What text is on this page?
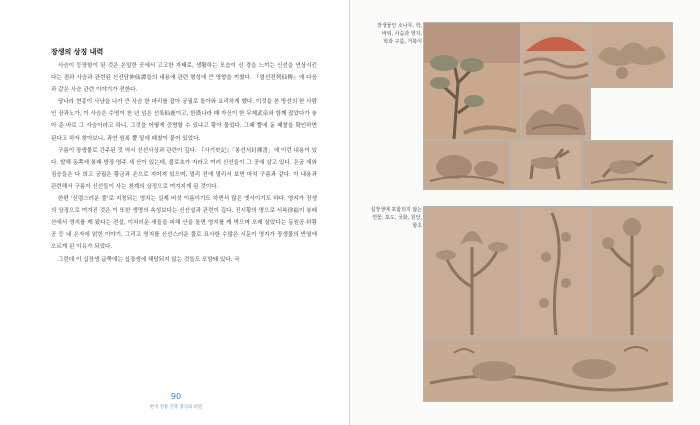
장생의 상징 내력

사슴이 등장함이 된 것은 은밀한 곳에서 고고한 자태로, 생활하는 모습이 신 경을 느끼는 신선을 연상시킨다는 점과 사슴과 관련된 신선담神仙譚들의 내용에 관련 형성에 큰 영향을 끼쳤다. 『열선전列仙傳』에 다음과 같은 사슴 관련 이야기가 전한다.

당나라 현종이 사냥을 나가 큰 사슴 한 마리를 잡아 궁궐로 돌아와 요리하게 했다. 이것을 본 방선의 한 사람인 장과노가, 이 사슴은 수명이 천 년 넘은 선록仙鹿이고, 한漢나라 때 자신이 한 무제武帝와 함께 잡았다가 놓아 준 바로 그 사슴이라고 하니, 그것을 어떻게 증명할 수 있냐고 황이 물었다. 그때 뿔에 동 패찰을 확인하면 된다고 하자 찾아보니, 과연 원록 뿔 밑에 패찰이 붙어 있었다.

구름이 장생물로 간주된 것 역시 신선사상과 관련이 깊다. 『사기史記』「봉선서封禪書」에 이런 내용이 있다. 발해 동쪽에 봉래·방장·영주 세 산이 있는데, 불로초가 자라고 여러 신선들이 그 곳에 살고 있다. 은궁 새와 짐승들은 다 희고 궁궐은 황금과 은으로 지어져 있으며, 멀리 전에 멀리서 보면 마치 구름과 같다. 이 내용과 관련해서 구름이 신선들이 사는 천계의 상징으로 여겨지게 된 것이다.

한편 '신령스러운 풀'로 지칭되는 영지는 실제 버섯 이름이기도 하면서 많은 엣사이기도 하다. 영지가 장생의 상징으로 여겨진 것은 이 또한 생명의 속성보다는 신선설과 관련이 깊다. 진시황의 명으로 서복徐福이 봉래산에서 영지를 캐 왔다는 전설, 이처러운 새들을 피해 산을 돌면 영지를 캐 먹으며 오래 살았다는 동원공·하황공 등 네 은자에 얽힌 이야기, 그리고 영지를 신선스러운 풀로 묘사한 수많은 시문이 영지가 장생물의 반열에 오르게 된 이유가 되었다.

그런데 이 십장생 글쭉에는 십장생에 해당되지 않는 것들도 포함돼 있다. 국

90
한국 전통 건축 장식의 비밀
장생물인 소나무, 학,
바위, 사슴과 영지,
학과 구름, 거북이
십장생에 포함되지 않는
연꽃, 포도, 국화, 원앙, 항초
